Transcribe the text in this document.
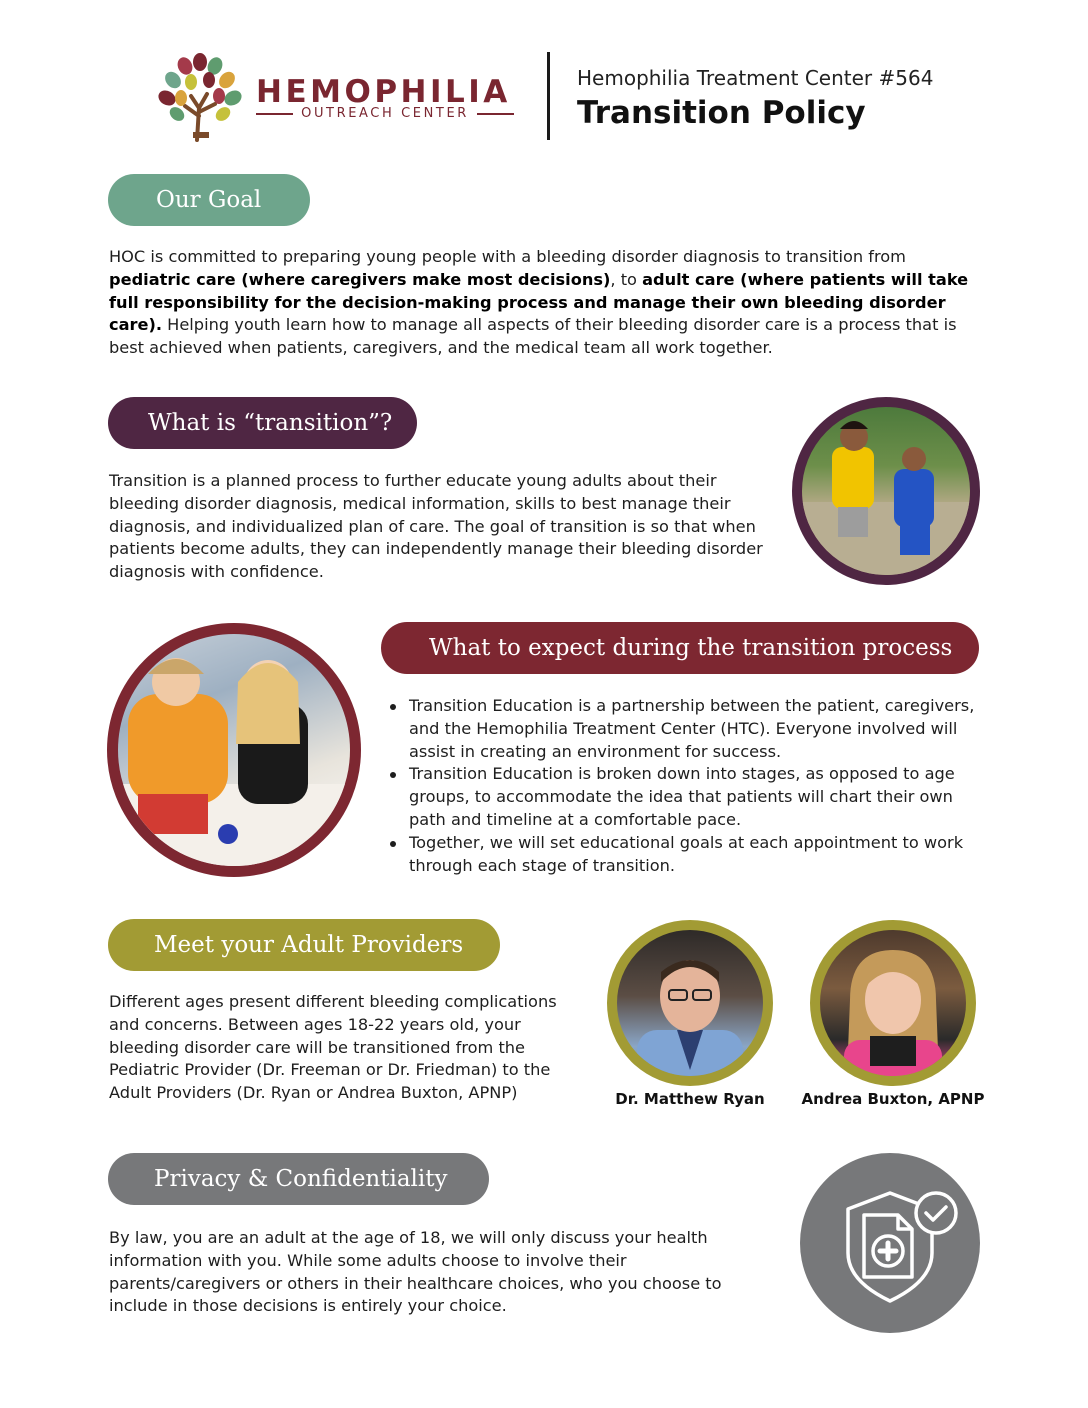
HEMOPHILIA
OUTREACH CENTER
Hemophilia Treatment Center #564
Transition Policy
Our Goal

HOC is committed to preparing young people with a bleeding disorder diagnosis to transition from pediatric care (where caregivers make most decisions), to adult care (where patients will take full responsibility for the decision-making process and manage their own bleeding disorder care). Helping youth learn how to manage all aspects of their bleeding disorder care is a process that is best achieved when patients, caregivers, and the medical team all work together.

What is “transition”?

Transition is a planned process to further educate young adults about their bleeding disorder diagnosis, medical information, skills to best manage their diagnosis, and individualized plan of care. The goal of transition is so that when patients become adults, they can independently manage their bleeding disorder diagnosis with confidence.

What to expect during the transition process
Transition Education is a partnership between the patient, caregivers, and the Hemophilia Treatment Center (HTC). Everyone involved will assist in creating an environment for success.
Transition Education is broken down into stages, as opposed to age groups, to accommodate the idea that patients will chart their own path and timeline at a comfortable pace.
Together, we will set educational goals at each appointment to work through each stage of transition.
Meet your Adult Providers

Different ages present different bleeding complications and concerns. Between ages 18-22 years old, your bleeding disorder care will be transitioned from the Pediatric Provider (Dr. Freeman or Dr. Friedman) to the Adult Providers (Dr. Ryan or Andrea Buxton, APNP)	Dr. Matthew Ryan	Andrea Buxton, APNP
Privacy & Confidentiality

By law, you are an adult at the age of 18, we will only discuss your health information with you. While some adults choose to involve their parents/caregivers or others in their healthcare choices, who you choose to include in those decisions is entirely your choice.
